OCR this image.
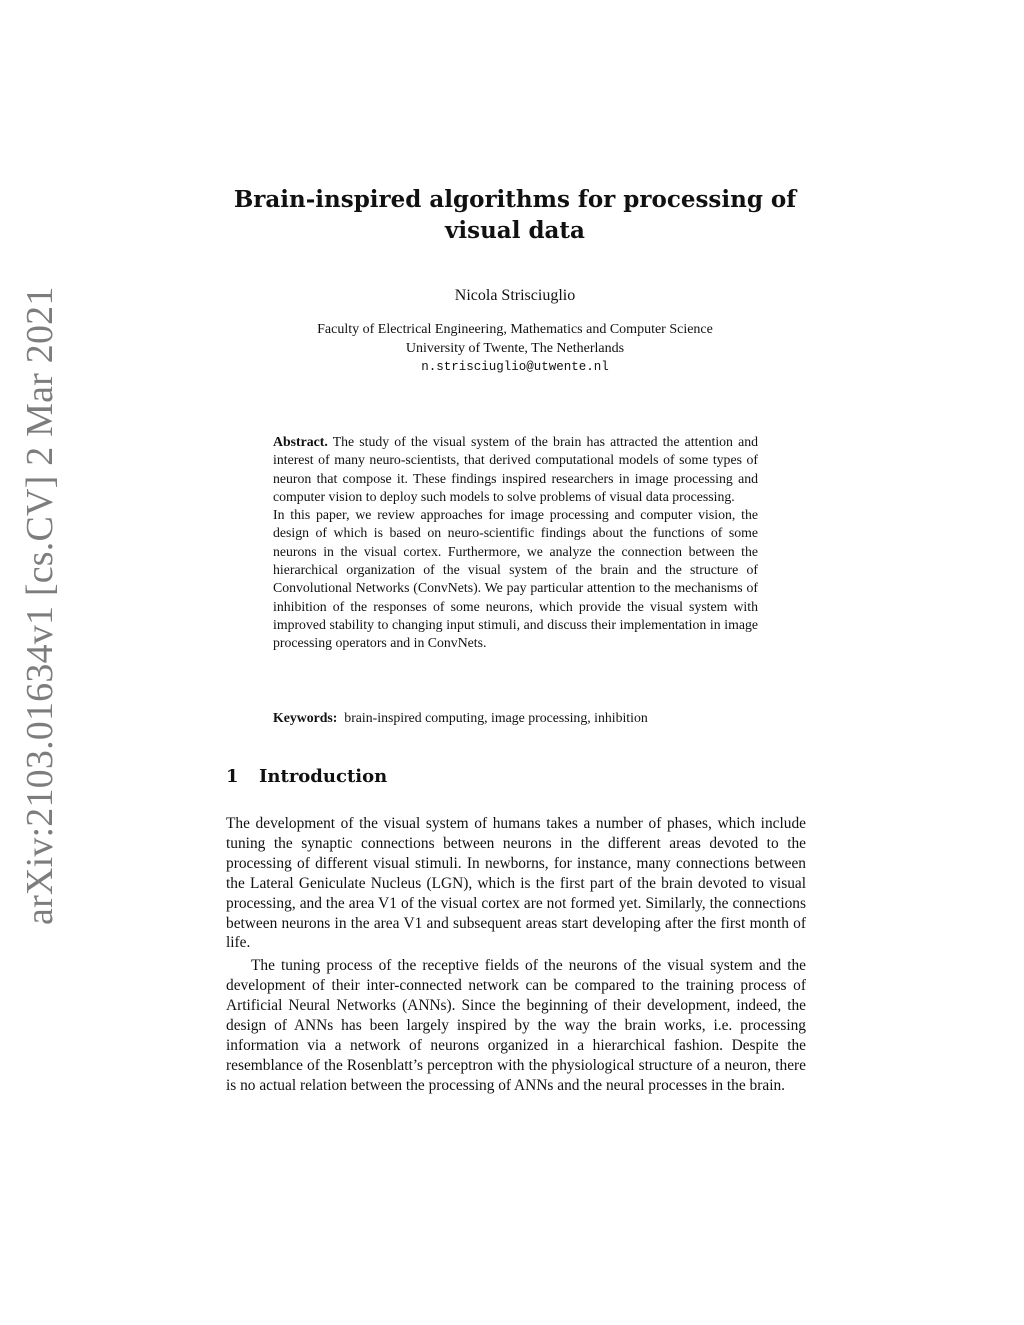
arXiv:2103.01634v1 [cs.CV] 2 Mar 2021
Brain-inspired algorithms for processing of visual data
Nicola Strisciuglio
Faculty of Electrical Engineering, Mathematics and Computer Science
University of Twente, The Netherlands
n.strisciuglio@utwente.nl

Abstract. The study of the visual system of the brain has attracted the attention and interest of many neuro-scientists, that derived computational models of some types of neuron that compose it. These findings inspired researchers in image processing and computer vision to deploy such models to solve problems of visual data processing.

In this paper, we review approaches for image processing and computer vision, the design of which is based on neuro-scientific findings about the functions of some neurons in the visual cortex. Furthermore, we analyze the connection between the hierarchical organization of the visual system of the brain and the structure of Convolutional Networks (ConvNets). We pay particular attention to the mechanisms of inhibition of the responses of some neurons, which provide the visual system with improved stability to changing input stimuli, and discuss their implementation in image processing operators and in ConvNets.

Keywords: brain-inspired computing, image processing, inhibition
1 Introduction

The development of the visual system of humans takes a number of phases, which include tuning the synaptic connections between neurons in the different areas devoted to the processing of different visual stimuli. In newborns, for instance, many connections between the Lateral Geniculate Nucleus (LGN), which is the first part of the brain devoted to visual processing, and the area V1 of the visual cortex are not formed yet. Similarly, the connections between neurons in the area V1 and subsequent areas start developing after the first month of life.

The tuning process of the receptive fields of the neurons of the visual system and the development of their inter-connected network can be compared to the training process of Artificial Neural Networks (ANNs). Since the beginning of their development, indeed, the design of ANNs has been largely inspired by the way the brain works, i.e. processing information via a network of neurons organized in a hierarchical fashion. Despite the resemblance of the Rosenblatt’s perceptron with the physiological structure of a neuron, there is no actual relation between the processing of ANNs and the neural processes in the brain.
